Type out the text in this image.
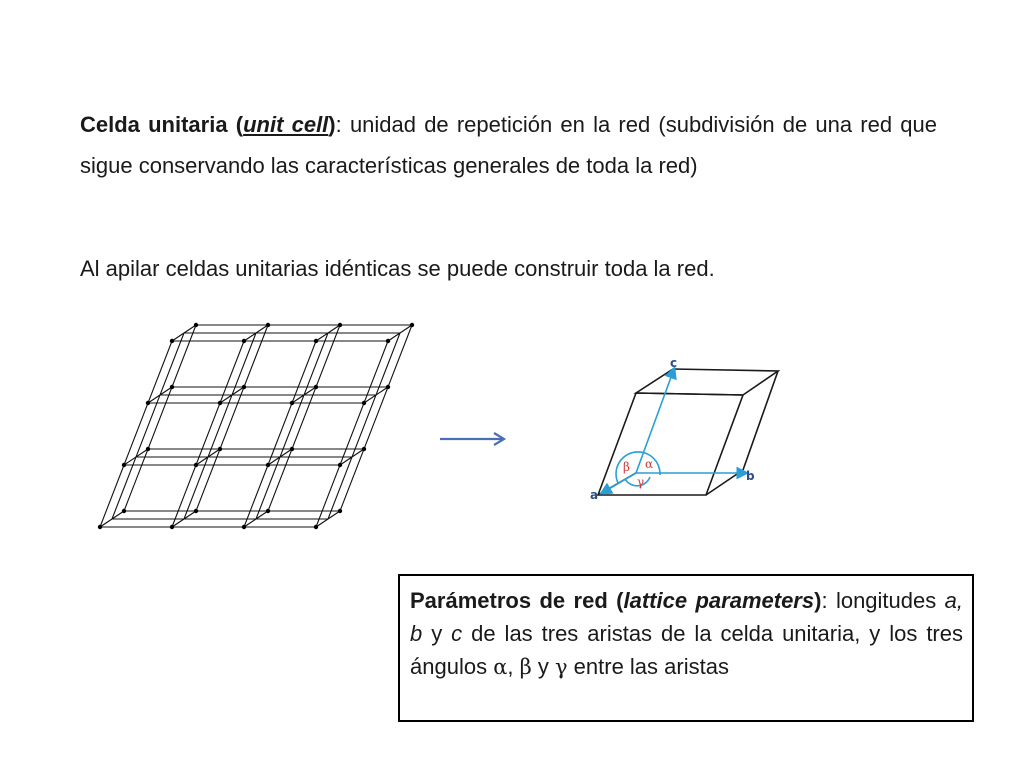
Celda unitaria (unit cell): unidad de repetición en la red (subdivisión de una red que sigue conservando las características generales de toda la red)

Al apilar celdas unitarias idénticas se puede construir toda la red.

c
b
a
α
β
γ

Parámetros de red (lattice parameters): longitudes a, b y c de las tres aristas de la celda unitaria, y los tres ángulos α, β y γ entre las aristas
